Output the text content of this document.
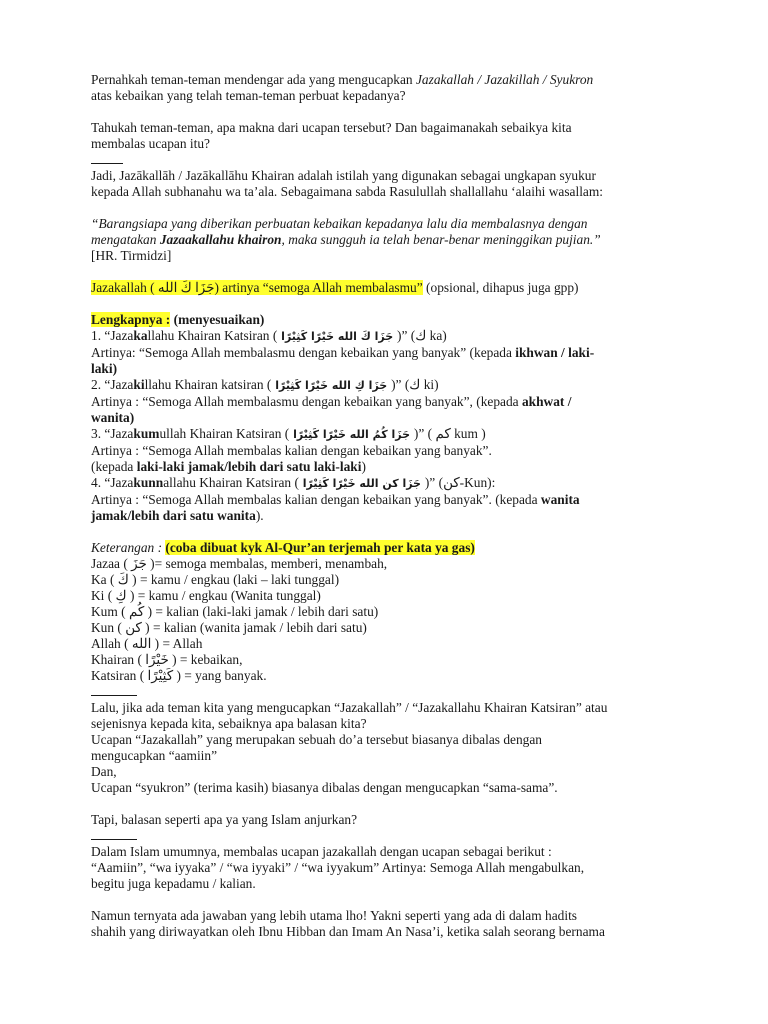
Pernahkah teman-teman mendengar ada yang mengucapkan Jazakallah / Jazakillah / Syukron

atas kebaikan yang telah teman-teman perbuat kepadanya?

Tahukah teman-teman, apa makna dari ucapan tersebut? Dan bagaimanakah sebaikya kita

membalas ucapan itu?

Jadi, Jazākallāh / Jazākallāhu Khairan adalah istilah yang digunakan sebagai ungkapan syukur

kepada Allah subhanahu wa ta’ala. Sebagaimana sabda Rasulullah shallallahu ‘alaihi wasallam:

“Barangsiapa yang diberikan perbuatan kebaikan kepadanya lalu dia membalasnya dengan

mengatakan Jazaakallahu khairon, maka sungguh ia telah benar-benar meninggikan pujian.”

[HR. Tirmidzi]

Jazakallah ( جَزَا كَ الله) artinya “semoga Allah membalasmu” (opsional, dihapus juga gpp)

Lengkapnya : (menyesuaikan)

1. “Jazakallahu Khairan Katsiran ( جَزَا كَ الله خَيْرًا كَثِيْرًا )” (ك ka)

Artinya: “Semoga Allah membalasmu dengan kebaikan yang banyak” (kepada ikhwan / laki-

laki)

2. “Jazakillahu Khairan katsiran ( جَزَا كِ الله خَيْرًا كَثِيْرًا )” (ك ki)

Artinya : “Semoga Allah membalasmu dengan kebaikan yang banyak”, (kepada akhwat /

wanita)

3. “Jazakumullah Khairan Katsiran ( جَزَا كُمُ الله خَيْرًا كَثِيْرًا )” ( كم kum )

Artinya : “Semoga Allah membalas kalian dengan kebaikan yang banyak”.

(kepada laki-laki jamak/lebih dari satu laki-laki)

4. “Jazakunnallahu Khairan Katsiran ( جَزَا كن الله خَيْرًا كَثِيْرًا )” (كن-Kun):

Artinya : “Semoga Allah membalas kalian dengan kebaikan yang banyak”. (kepada wanita

jamak/lebih dari satu wanita).

Keterangan : (coba dibuat kyk Al-Qur’an terjemah per kata ya gas)

Jazaa ( جَزَ )= semoga membalas, memberi, menambah,

Ka ( كَ ) = kamu / engkau (laki – laki tunggal)

Ki ( كِ ) = kamu / engkau (Wanita tunggal)

Kum ( كُم ) = kalian (laki-laki jamak / lebih dari satu)

Kun ( كن ) = kalian (wanita jamak / lebih dari satu)

Allah ( الله ) = Allah

Khairan ( خَيْرًا ) = kebaikan,

Katsiran ( كَثِيْرًا ) = yang banyak.

Lalu, jika ada teman kita yang mengucapkan “Jazakallah” / “Jazakallahu Khairan Katsiran” atau

sejenisnya kepada kita, sebaiknya apa balasan kita?

Ucapan “Jazakallah” yang merupakan sebuah do’a tersebut biasanya dibalas dengan

mengucapkan “aamiin”

Dan,

Ucapan “syukron” (terima kasih) biasanya dibalas dengan mengucapkan “sama-sama”.

Tapi, balasan seperti apa ya yang Islam anjurkan?

Dalam Islam umumnya, membalas ucapan jazakallah dengan ucapan sebagai berikut :

“Aamiin”, “wa iyyaka” / “wa iyyaki” / “wa iyyakum” Artinya: Semoga Allah mengabulkan,

begitu juga kepadamu / kalian.

Namun ternyata ada jawaban yang lebih utama lho! Yakni seperti yang ada di dalam hadits

shahih yang diriwayatkan oleh Ibnu Hibban dan Imam An Nasa’i, ketika salah seorang bernama
